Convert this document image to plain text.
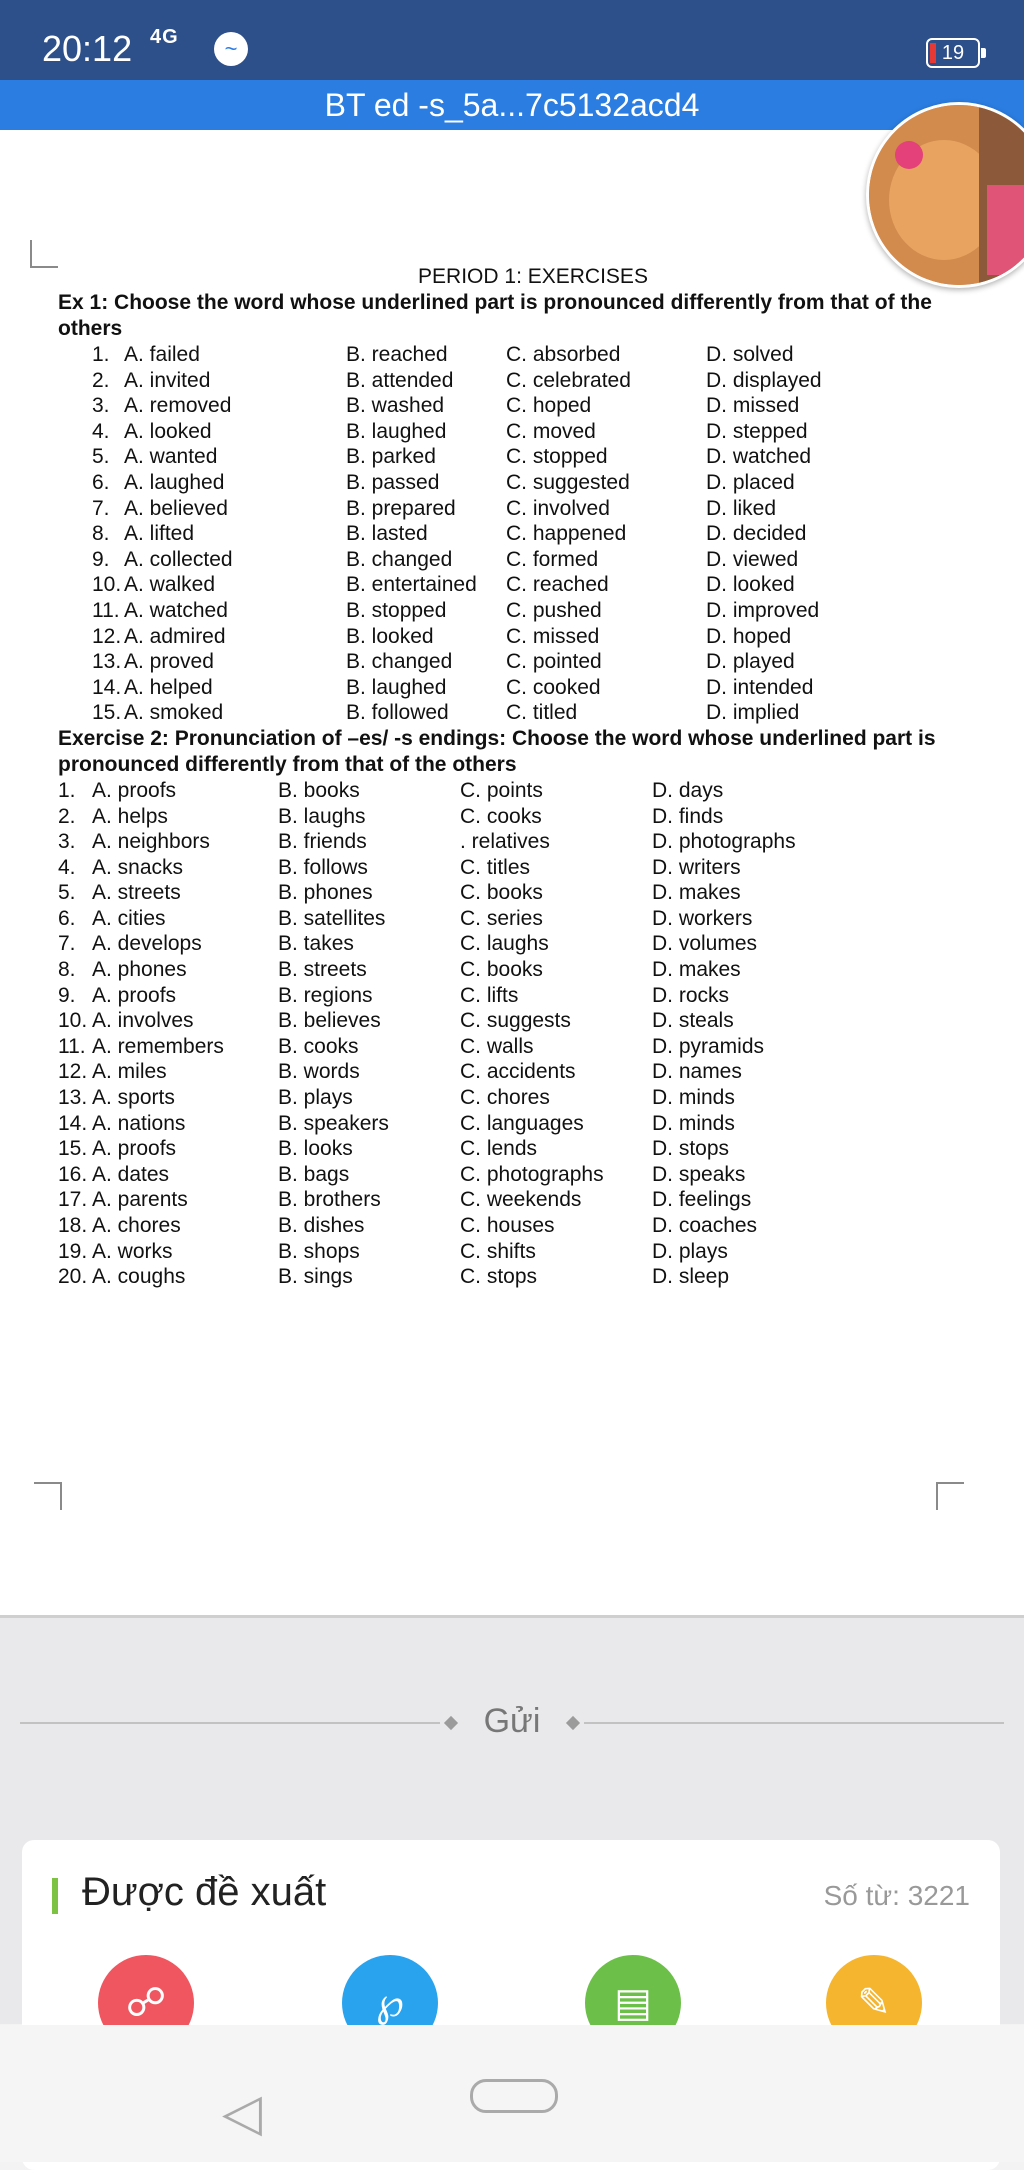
20:12 4G	~	19
BT ed -s_5a...7c5132acd4
PERIOD 1: EXERCISES
Ex 1: Choose the word whose underlined part is pronounced differently from that of the others
1. A. failed	B. reached	C. absorbed	D. solved
2. A. invited	B. attended	C. celebrated	D. displayed
3. A. removed	B. washed	C. hoped	D. missed
4. A. looked	B. laughed	C. moved	D. stepped
5. A. wanted	B. parked	C. stopped	D. watched
6. A. laughed	B. passed	C. suggested	D. placed
7. A. believed	B. prepared C. involved	D. liked
8. A. lifted	B. lasted	C. happened	D. decided
9. A. collected	B. changed	C. formed	D. viewed
10. A. walked	B. entertained C. reached	D. looked
11. A. watched	B. stopped	C. pushed	D. improved
12. A. admired	B. looked	C. missed	D. hoped
13. A. proved	B. changed	C. pointed	D. played
14. A. helped	B. laughed	C. cooked	D. intended
15. A. smoked	B. followed	C. titled	D. implied
Exercise 2: Pronunciation of –es/ -s endings: Choose the word whose underlined part is pronounced differently from that of the others
1. A. proofs	B. books	C. points	D. days
2. A. helps	B. laughs	C. cooks	D. finds
3. A. neighbors	B. friends	. relatives	D. photographs
4. A. snacks	B. follows	C. titles	D. writers
5. A. streets	B. phones	C. books	D. makes
6. A. cities	B. satellites	C. series	D. workers
7. A. develops	B. takes	C. laughs	D. volumes
8. A. phones	B. streets	C. books	D. makes
9. A. proofs	B. regions	C. lifts	D. rocks
10. A. involves	B. believes	C. suggests	D. steals
11. A. remembers	B. cooks	C. walls	D. pyramids
12. A. miles	B. words	C. accidents	D. names
13. A. sports	B. plays	C. chores	D. minds
14. A. nations	B. speakers	C. languages	D. minds
15. A. proofs	B. looks	C. lends	D. stops
16. A. dates	B. bags	C. photographs D. speaks
17. A. parents	B. brothers	C. weekends	D. feelings
18. A. chores	B. dishes	C. houses	D. coaches
19. A. works	B. shops	C. shifts	D. plays
20. A. coughs	B. sings	C. stops	D. sleep
Gửi
Được đề xuất	Số từ: 3221
☍	℘	▤	✎
◁
